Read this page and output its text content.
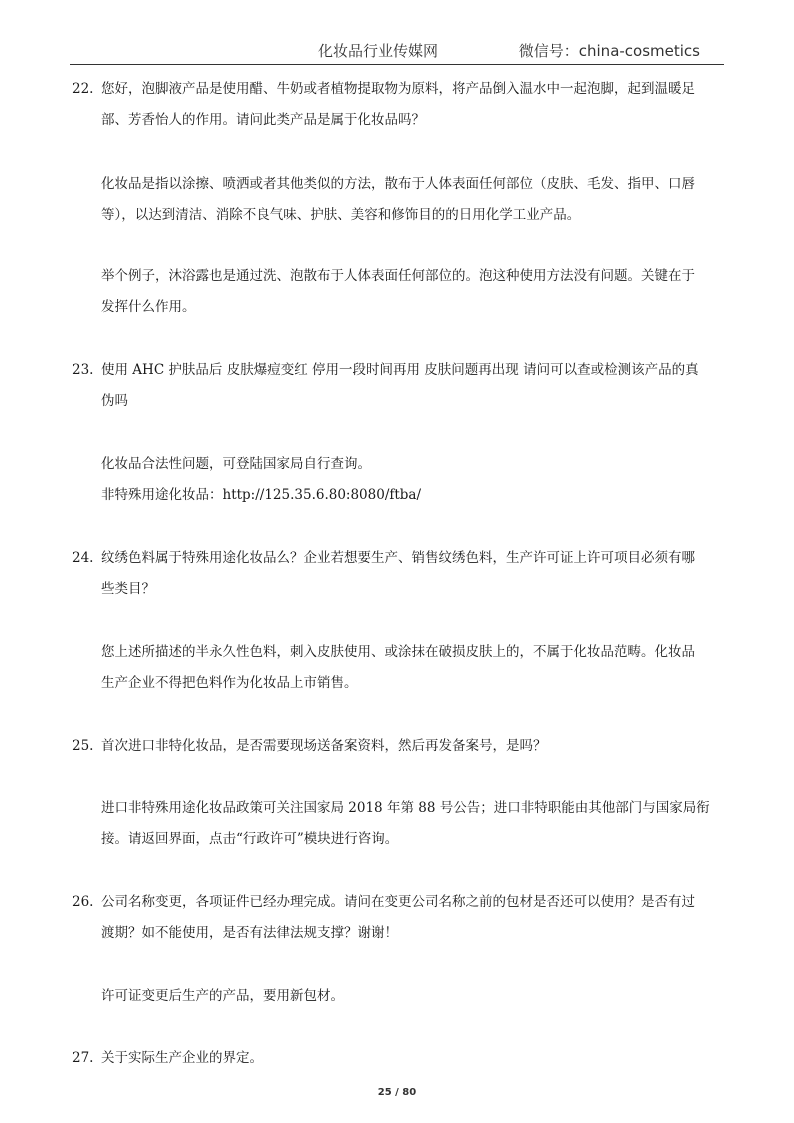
化妆品行业传媒网	微信号：china-cosmetics
22. 您好，泡脚液产品是使用醋、牛奶或者植物提取物为原料，将产品倒入温水中一起泡脚，起到温暖足
部、芳香怡人的作用。请问此类产品是属于化妆品吗？
化妆品是指以涂擦、喷洒或者其他类似的方法，散布于人体表面任何部位（皮肤、毛发、指甲、口唇
等），以达到清洁、消除不良气味、护肤、美容和修饰目的的日用化学工业产品。
举个例子，沐浴露也是通过洗、泡散布于人体表面任何部位的。泡这种使用方法没有问题。关键在于
发挥什么作用。
23. 使用 AHC 护肤品后 皮肤爆痘变红 停用一段时间再用 皮肤问题再出现 请问可以查或检测该产品的真
伪吗
化妆品合法性问题，可登陆国家局自行查询。
非特殊用途化妆品：http://125.35.6.80:8080/ftba/
24. 纹绣色料属于特殊用途化妆品么？企业若想要生产、销售纹绣色料，生产许可证上许可项目必须有哪
些类目？
您上述所描述的半永久性色料，刺入皮肤使用、或涂抹在破损皮肤上的，不属于化妆品范畴。化妆品
生产企业不得把色料作为化妆品上市销售。
25. 首次进口非特化妆品，是否需要现场送备案资料，然后再发备案号，是吗？
进口非特殊用途化妆品政策可关注国家局 2018 年第 88 号公告；进口非特职能由其他部门与国家局衔
接。请返回界面，点击“行政许可”模块进行咨询。
26. 公司名称变更，各项证件已经办理完成。请问在变更公司名称之前的包材是否还可以使用？是否有过
渡期？如不能使用，是否有法律法规支撑？谢谢！
许可证变更后生产的产品，要用新包材。
27. 关于实际生产企业的界定。
25 / 80
